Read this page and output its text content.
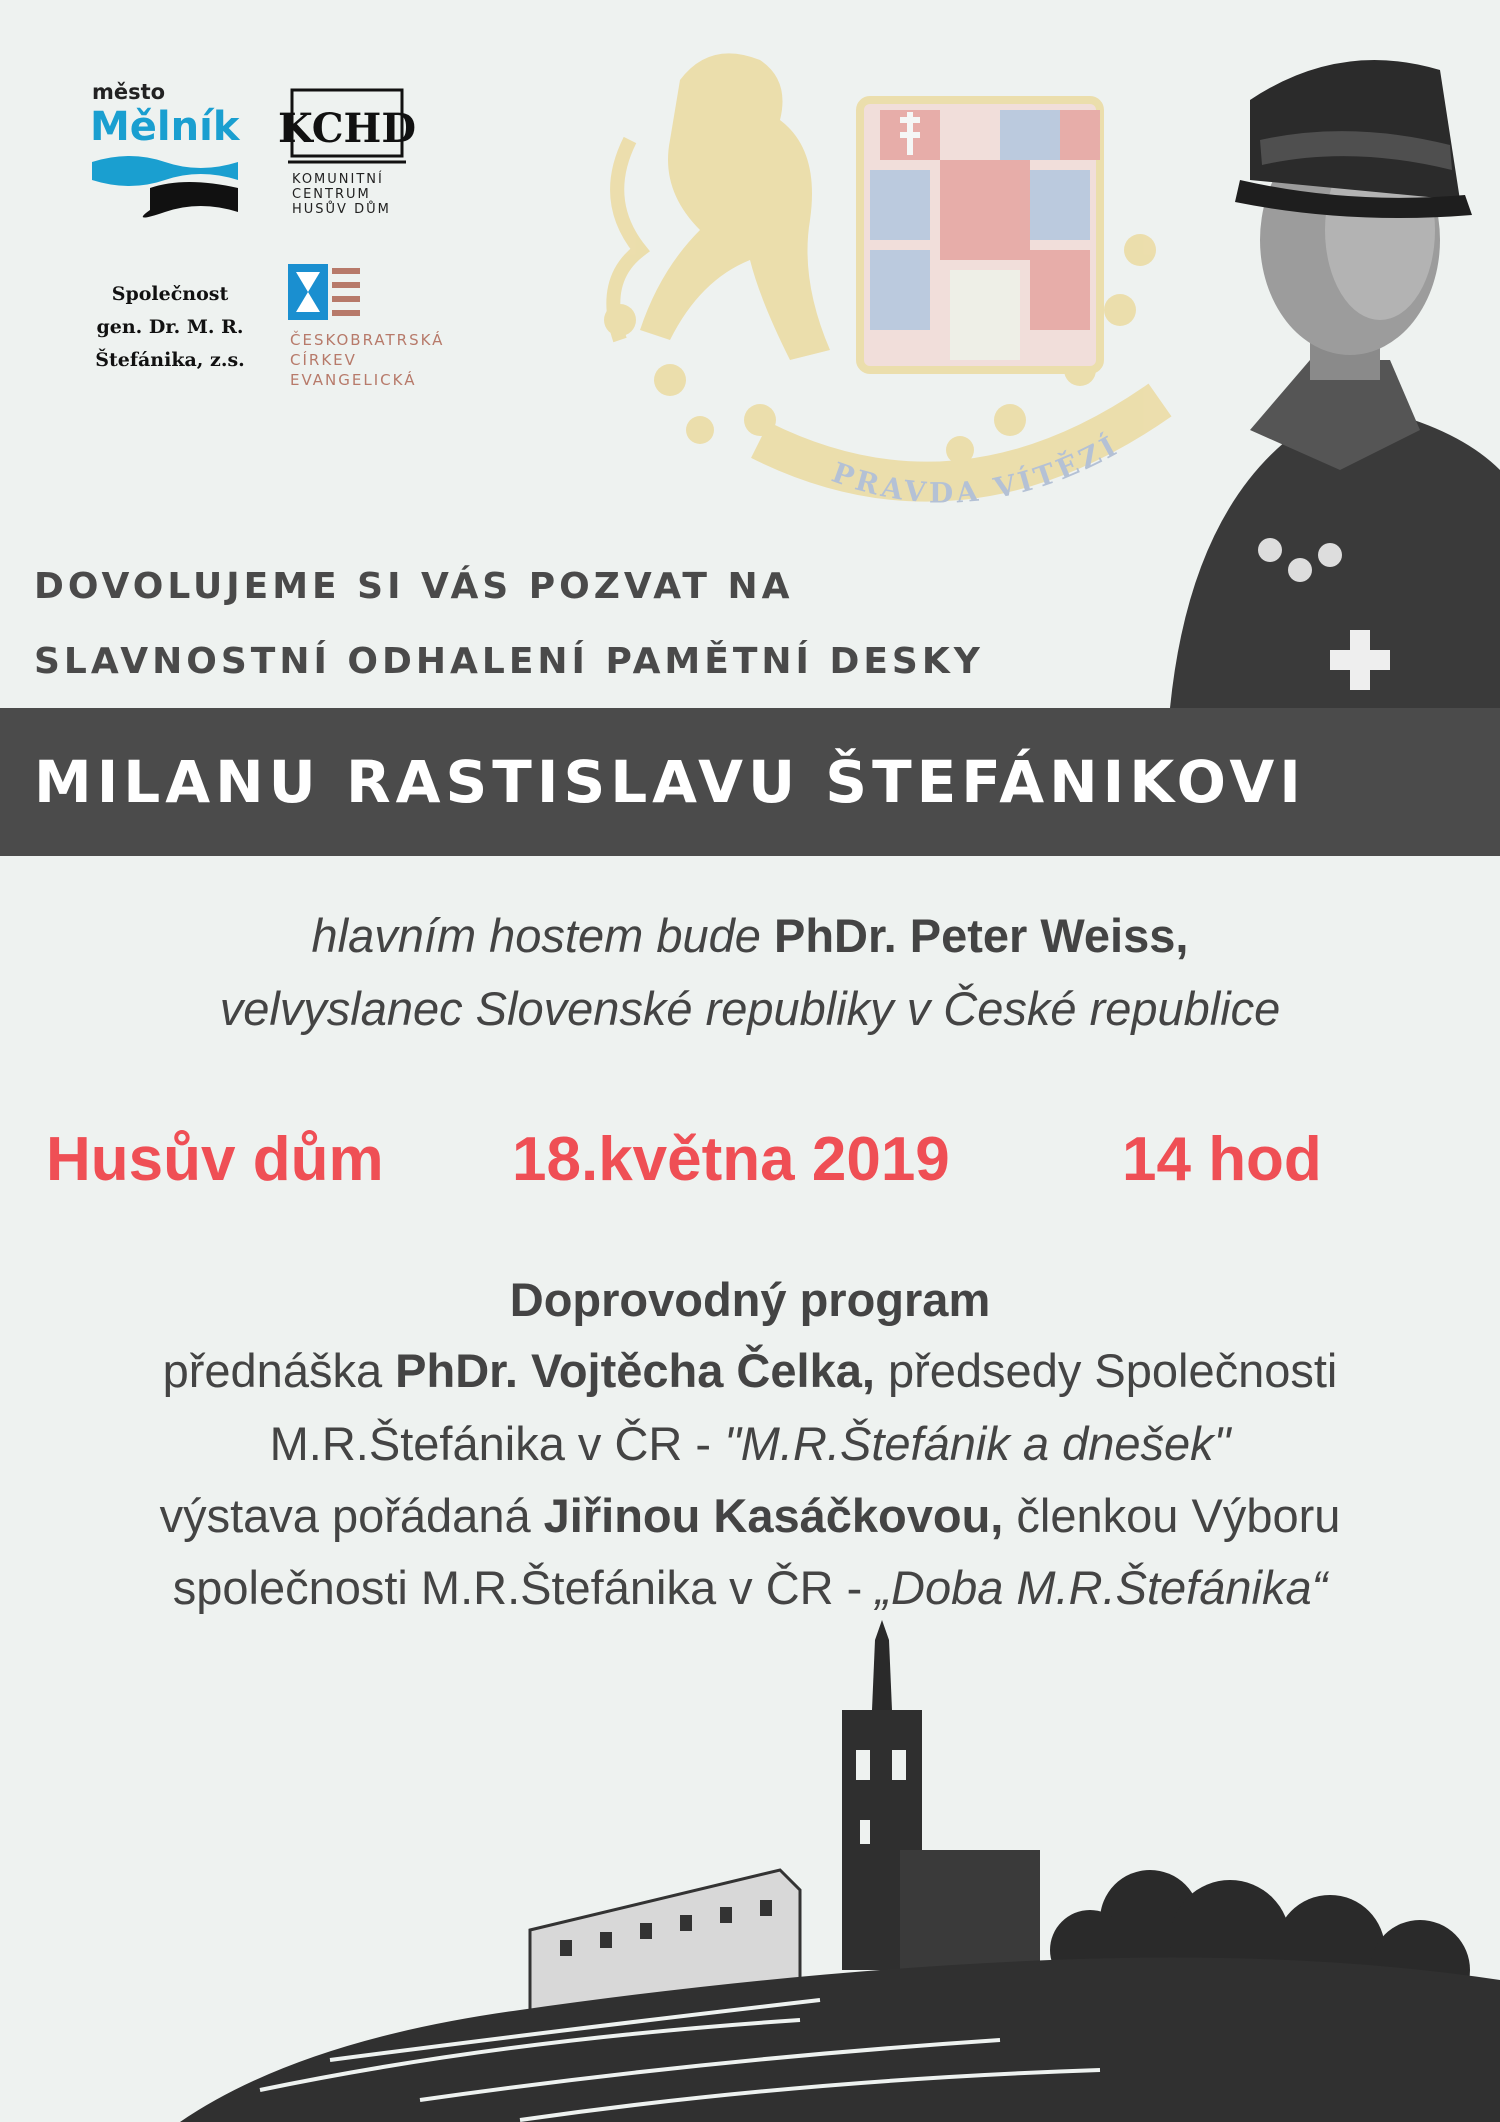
město
Mělník KCHD
KOMUNITNÍ
CENTRUM
HUSŮV DŮM
Společnost
gen. Dr. M. R.
Štefánika, z.s.
ČESKOBRATRSKÁ
CÍRKEV
EVANGELICKÁ
PRAVDA VÍTĚZÍ
DOVOLUJEME SI VÁS POZVAT NA
SLAVNOSTNÍ ODHALENÍ PAMĚTNÍ DESKY
MILANU RASTISLAVU ŠTEFÁNIKOVI
hlavním hostem bude PhDr. Peter Weiss,
velvyslanec Slovenské republiky v České republice
Husův dům 18.května 2019	14 hod
Doprovodný program
přednáška PhDr. Vojtěcha Čelka, předsedy Společnosti
M.R.Štefánika v ČR - "M.R.Štefánik a dnešek"
výstava pořádaná Jiřinou Kasáčkovou, členkou Výboru
společnosti M.R.Štefánika v ČR - „Doba M.R.Štefánika“
